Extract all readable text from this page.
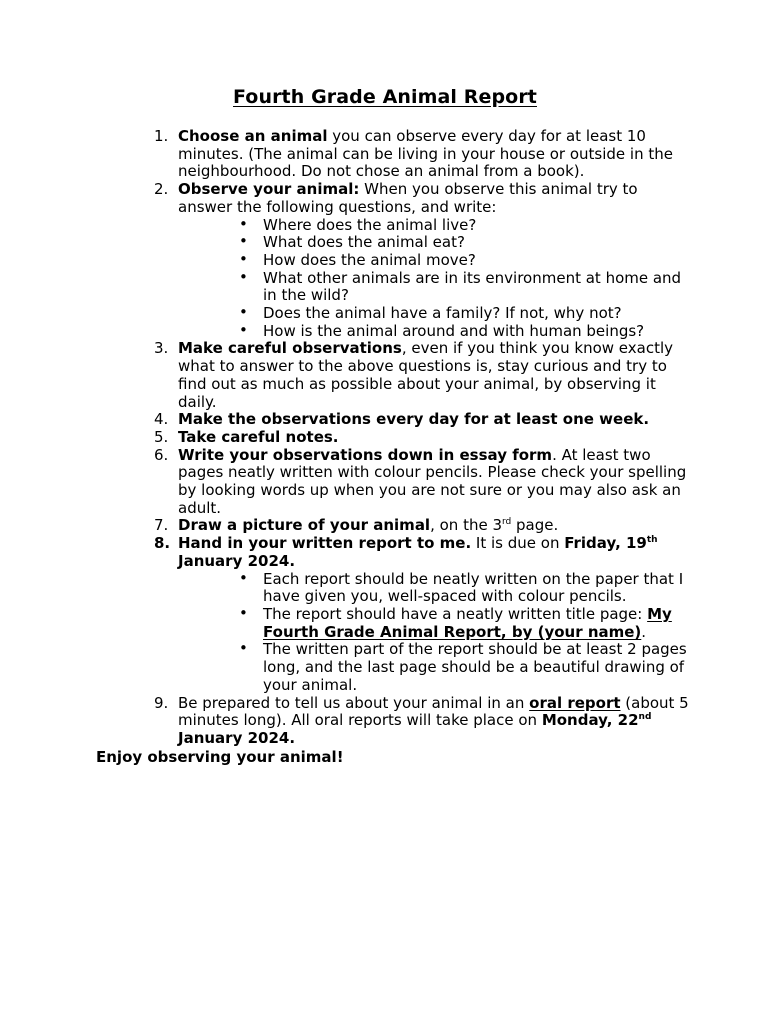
Fourth Grade Animal Report
1. Choose an animal you can observe every day for at least 10 minutes. (The animal can be living in your house or outside in the neighbourhood. Do not chose an animal from a book).
2. Observe your animal: When you observe this animal try to answer the following questions, and write:
• Where does the animal live?
• What does the animal eat?
• How does the animal move?
• What other animals are in its environment at home and in the wild?
• Does the animal have a family? If not, why not?
• How is the animal around and with human beings?
3. Make careful observations, even if you think you know exactly what to answer to the above questions is, stay curious and try to find out as much as possible about your animal, by observing it daily.
4. Make the observations every day for at least one week.
5. Take careful notes.
6. Write your observations down in essay form. At least two pages neatly written with colour pencils. Please check your spelling by looking words up when you are not sure or you may also ask an adult.
7. Draw a picture of your animal, on the 3rd page.
8. Hand in your written report to me. It is due on Friday, 19th January 2024.
• Each report should be neatly written on the paper that I have given you, well-spaced with colour pencils.
• The report should have a neatly written title page: My Fourth Grade Animal Report, by (your name).
• The written part of the report should be at least 2 pages long, and the last page should be a beautiful drawing of your animal.
9. Be prepared to tell us about your animal in an oral report (about 5 minutes long). All oral reports will take place on Monday, 22nd January 2024.
Enjoy observing your animal!
